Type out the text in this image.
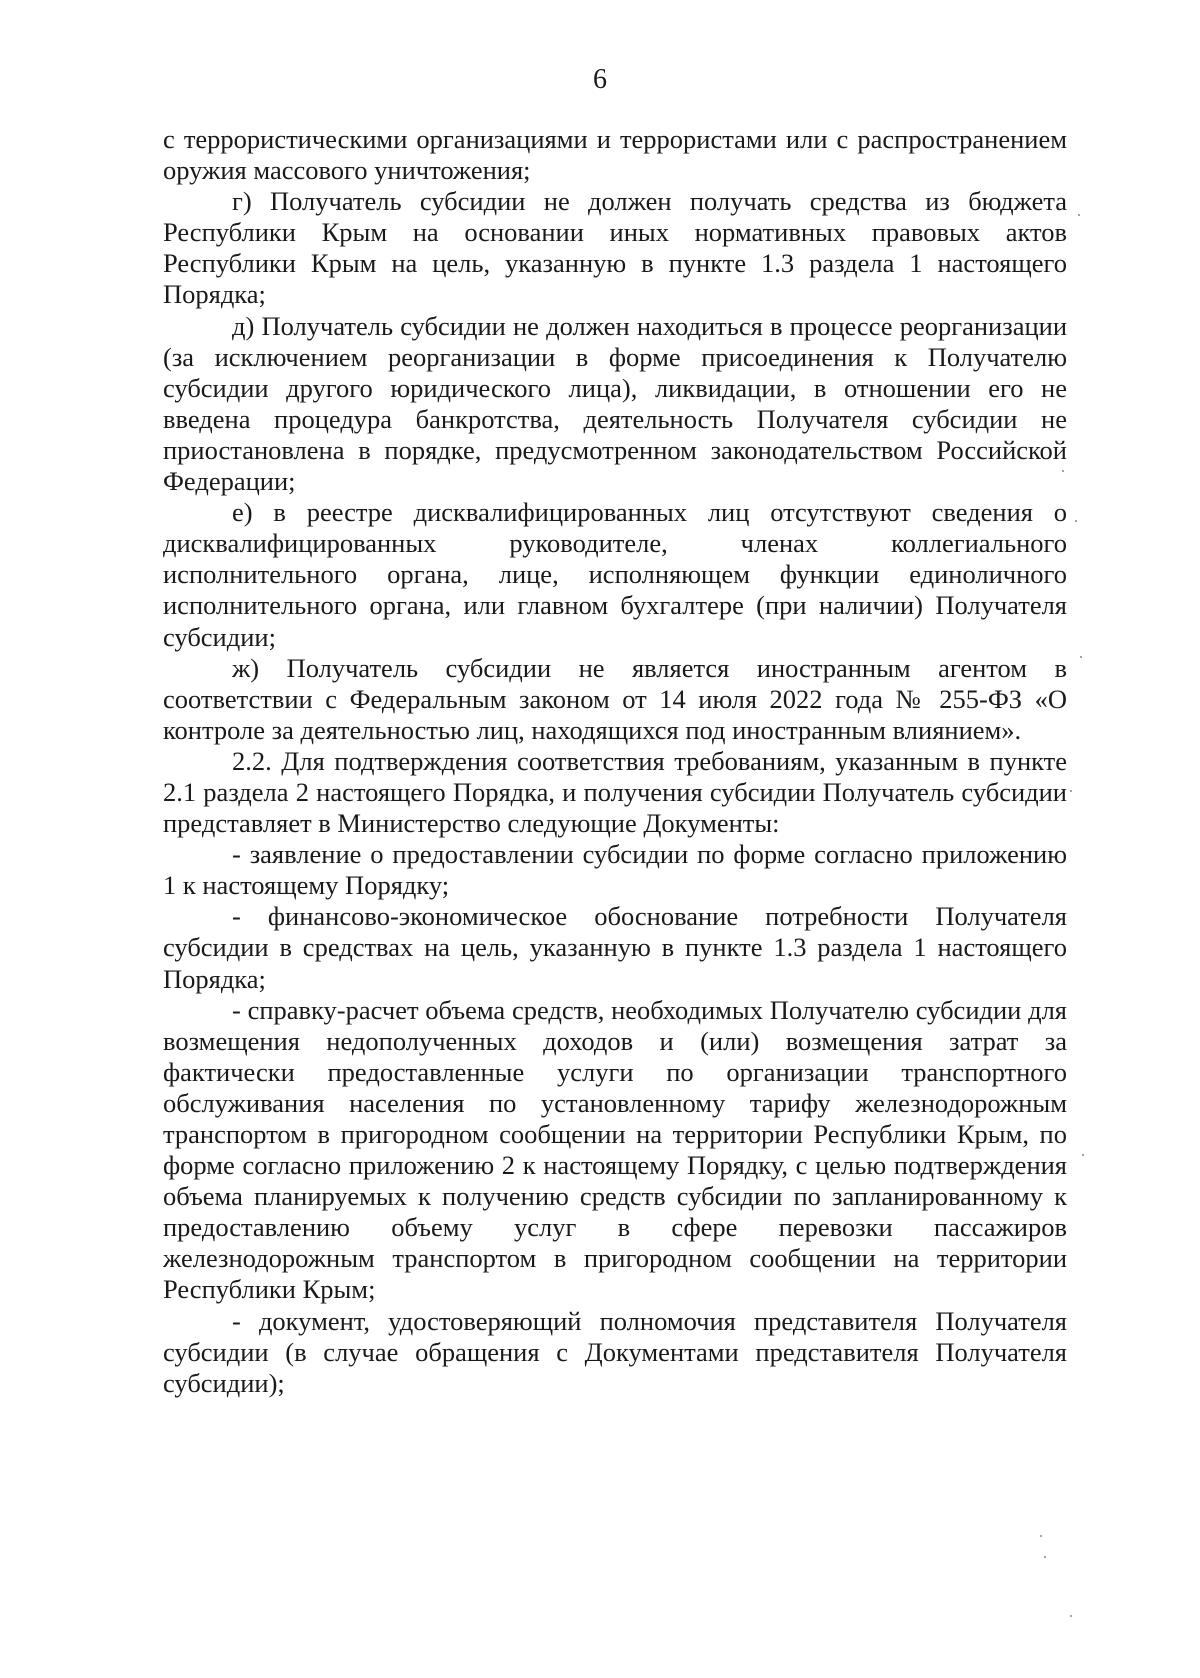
6

с террористическими организациями и террористами или с распространением оружия массового уничтожения;

г) Получатель субсидии не должен получать средства из бюджета Республики Крым на основании иных нормативных правовых актов Республики Крым на цель, указанную в пункте 1.3 раздела 1 настоящего Порядка;

д) Получатель субсидии не должен находиться в процессе реорганизации (за исключением реорганизации в форме присоединения к Получателю субсидии другого юридического лица), ликвидации, в отношении его не введена процедура банкротства, деятельность Получателя субсидии не приостановлена в порядке, предусмотренном законодательством Российской Федерации;

е) в реестре дисквалифицированных лиц отсутствуют сведения о дисквалифицированных руководителе, членах коллегиального исполнительного органа, лице, исполняющем функции единоличного исполнительного органа, или главном бухгалтере (при наличии) Получателя субсидии;

ж) Получатель субсидии не является иностранным агентом в соответствии с Федеральным законом от 14 июля 2022 года № 255-ФЗ «О контроле за деятельностью лиц, находящихся под иностранным влиянием».

2.2. Для подтверждения соответствия требованиям, указанным в пункте 2.1 раздела 2 настоящего Порядка, и получения субсидии Получатель субсидии представляет в Министерство следующие Документы:

- заявление о предоставлении субсидии по форме согласно приложению 1 к настоящему Порядку;

- финансово-экономическое обоснование потребности Получателя субсидии в средствах на цель, указанную в пункте 1.3 раздела 1 настоящего Порядка;

- справку-расчет объема средств, необходимых Получателю субсидии для возмещения недополученных доходов и (или) возмещения затрат за фактически предоставленные услуги по организации транспортного обслуживания населения по установленному тарифу железнодорожным транспортом в пригородном сообщении на территории Республики Крым, по форме согласно приложению 2 к настоящему Порядку, с целью подтверждения объема планируемых к получению средств субсидии по запланированному к предоставлению объему услуг в сфере перевозки пассажиров железнодорожным транспортом в пригородном сообщении на территории Республики Крым;

- документ, удостоверяющий полномочия представителя Получателя субсидии (в случае обращения с Документами представителя Получателя субсидии);
